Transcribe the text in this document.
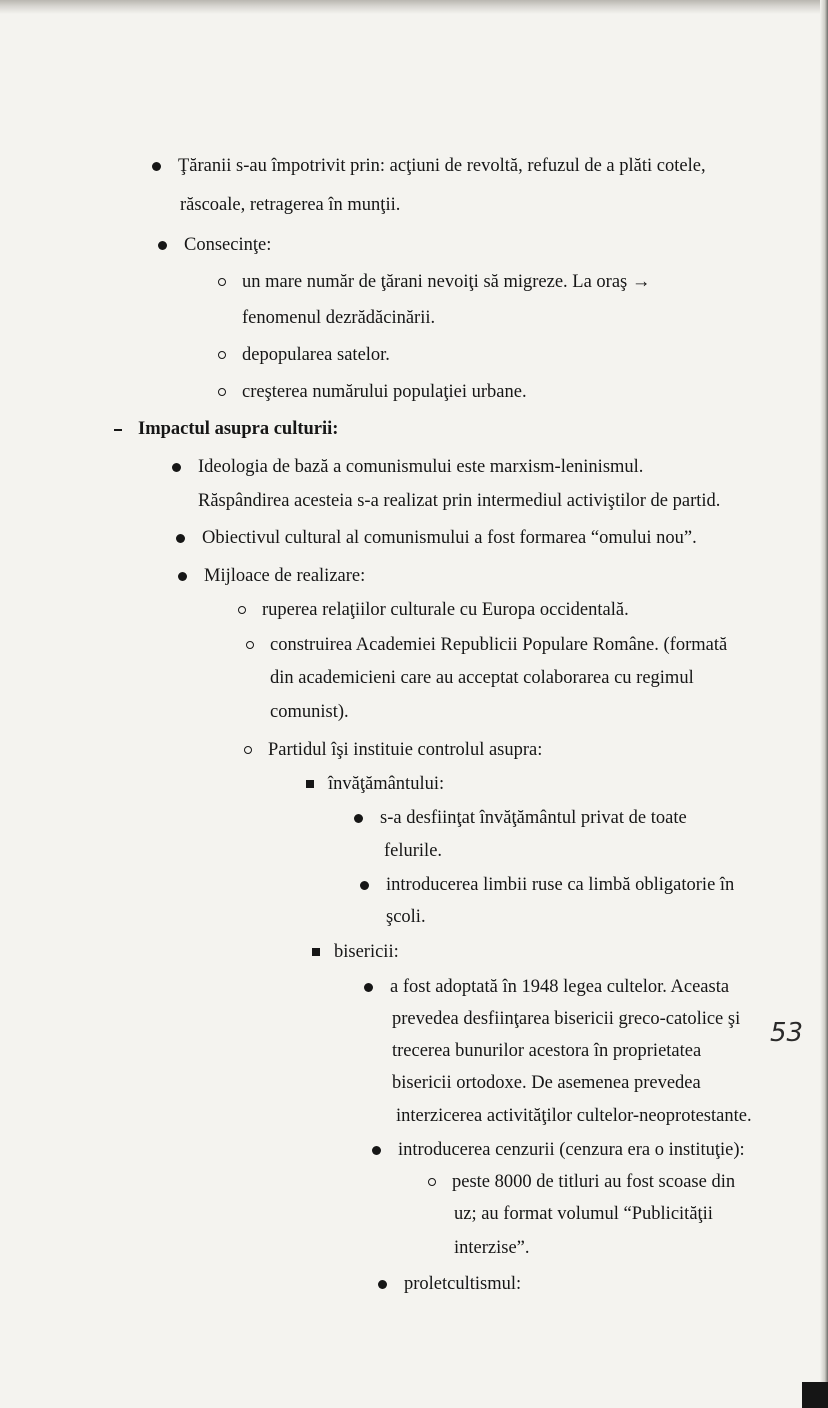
Ţăranii s-au împotrivit prin: acţiuni de revoltă, refuzul de a plăti cotele,
răscoale, retragerea în munţii.
Consecinţe:
un mare număr de ţărani nevoiţi să migreze. La oraş →
fenomenul dezrădăcinării.
depopularea satelor.
creşterea numărului populaţiei urbane.
Impactul asupra culturii:
Ideologia de bază a comunismului este marxism-leninismul.
Răspândirea acesteia s-a realizat prin intermediul activiştilor de partid.
Obiectivul cultural al comunismului a fost formarea “omului nou”.
Mijloace de realizare:
ruperea relaţiilor culturale cu Europa occidentală.
construirea Academiei Republicii Populare Române. (formată
din academicieni care au acceptat colaborarea cu regimul
comunist).
Partidul îşi instituie controlul asupra:
învăţământului:
s-a desfiinţat învăţământul privat de toate
felurile.
introducerea limbii ruse ca limbă obligatorie în
şcoli.
bisericii:
a fost adoptată în 1948 legea cultelor. Aceasta
prevedea desfiinţarea bisericii greco-catolice şi
trecerea bunurilor acestora în proprietatea
bisericii ortodoxe. De asemenea prevedea
interzicerea activităţilor cultelor-neoprotestante.
introducerea cenzurii (cenzura era o instituţie):
peste 8000 de titluri au fost scoase din
uz; au format volumul “Publicităţii
interzise”.
proletcultismul:
53
